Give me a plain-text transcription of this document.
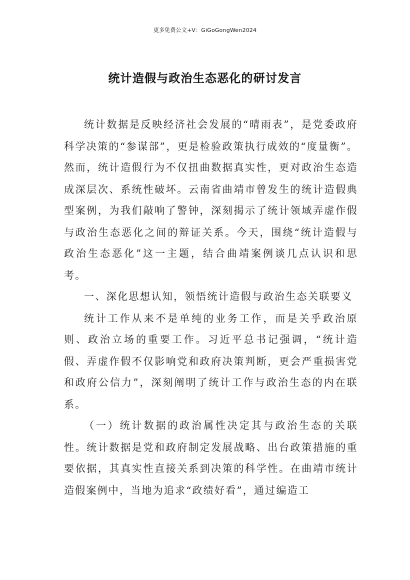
更多免费公文+V：GiGoGongWen2024
统计造假与政治生态恶化的研讨发言

统计数据是反映经济社会发展的“晴雨表”，是党委政府科学决策的“参谋部”，更是检验政策执行成效的“度量衡”。然而，统计造假行为不仅扭曲数据真实性，更对政治生态造成深层次、系统性破坏。云南省曲靖市曾发生的统计造假典型案例，为我们敲响了警钟，深刻揭示了统计领域弄虚作假与政治生态恶化之间的辩证关系。今天，围绕“统计造假与政治生态恶化”这一主题，结合曲靖案例谈几点认识和思考。

一、深化思想认知，领悟统计造假与政治生态关联要义

统计工作从来不是单纯的业务工作，而是关乎政治原则、政治立场的重要工作。习近平总书记强调，“统计造假、弄虚作假不仅影响党和政府决策判断，更会严重损害党和政府公信力”，深刻阐明了统计工作与政治生态的内在联系。

（一）统计数据的政治属性决定其与政治生态的关联性。统计数据是党和政府制定发展战略、出台政策措施的重要依据，其真实性直接关系到决策的科学性。在曲靖市统计造假案例中，当地为追求“政绩好看”，通过编造工
